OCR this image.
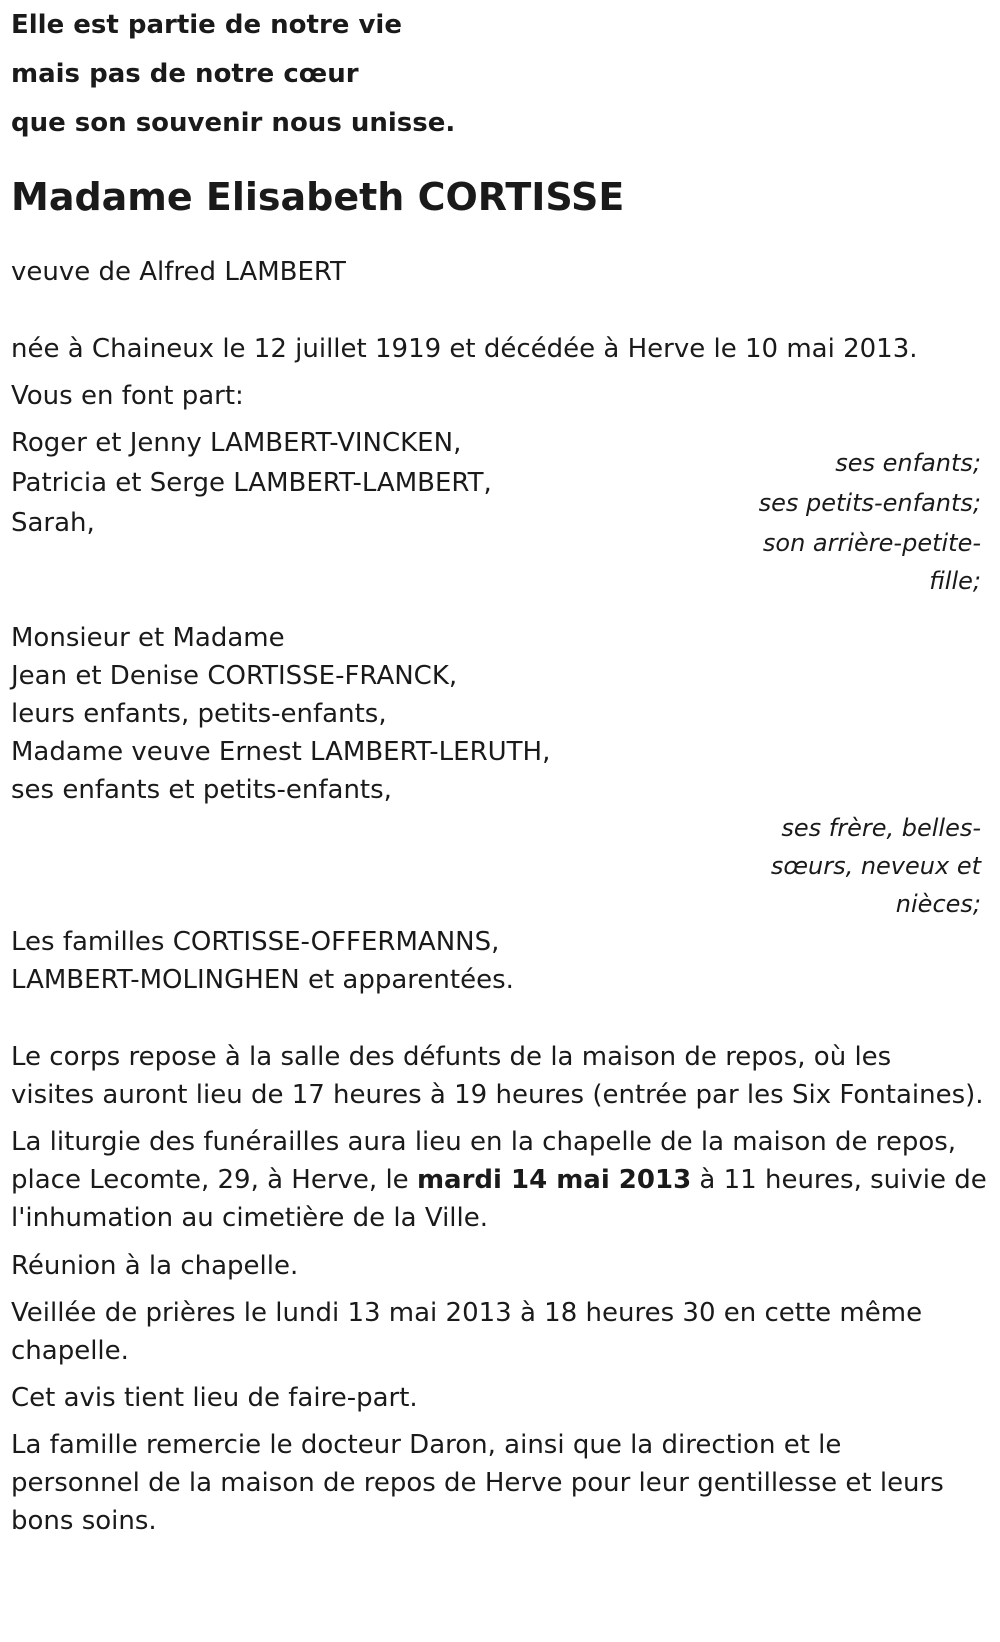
Elle est partie de notre vie
mais pas de notre cœur
que son souvenir nous unisse.
Madame Elisabeth CORTISSE
veuve de Alfred LAMBERT
née à Chaineux le 12 juillet 1919 et décédée à Herve le 10 mai 2013.
Vous en font part:
Roger et Jenny LAMBERT-VINCKEN,
ses enfants;
Patricia et Serge LAMBERT-LAMBERT,
ses petits-enfants;
Sarah,
son arrière-petite-
fille;
Monsieur et Madame
Jean et Denise CORTISSE-FRANCK,
leurs enfants, petits-enfants,
Madame veuve Ernest LAMBERT-LERUTH,
ses enfants et petits-enfants,
ses frère, belles-
sœurs, neveux et
nièces;
Les familles CORTISSE-OFFERMANNS,
LAMBERT-MOLINGHEN et apparentées.
Le corps repose à la salle des défunts de la maison de repos, où les
visites auront lieu de 17 heures à 19 heures (entrée par les Six Fontaines).
La liturgie des funérailles aura lieu en la chapelle de la maison de repos,
place Lecomte, 29, à Herve, le mardi 14 mai 2013 à 11 heures, suivie de
l'inhumation au cimetière de la Ville.
Réunion à la chapelle.
Veillée de prières le lundi 13 mai 2013 à 18 heures 30 en cette même
chapelle.
Cet avis tient lieu de faire-part.
La famille remercie le docteur Daron, ainsi que la direction et le
personnel de la maison de repos de Herve pour leur gentillesse et leurs
bons soins.
